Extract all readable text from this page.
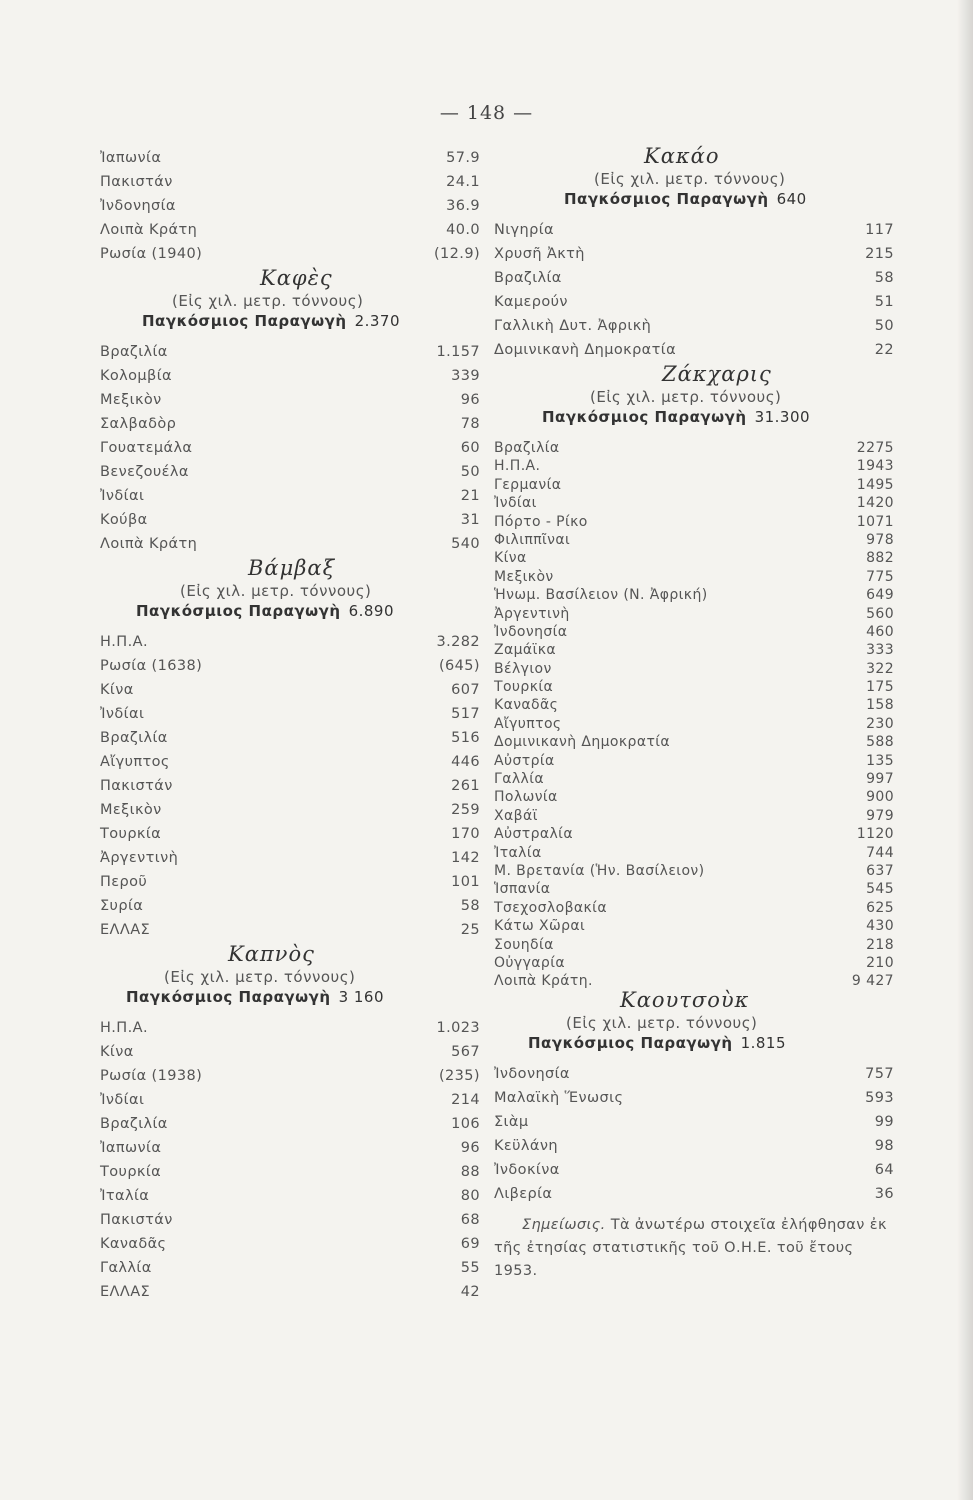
— 148 —
Ἰαπωνία	57.9
Πακιστάν	24.1
Ἰνδονησία	36.9
Λοιπὰ Κράτη	40.0
Ρωσία (1940)	(12.9)
Καφὲς
(Εἰς χιλ. μετρ. τόννους)
Παγκόσμιος Παραγωγὴ 2.370
Βραζιλία	1.157
Κολομβία	339
Μεξικὸν	96
Σαλβαδὸρ	78
Γουατεμάλα	60
Βενεζουέλα	50
Ἰνδίαι	21
Κούβα	31
Λοιπὰ Κράτη	540
Βάμβαξ
(Εἰς χιλ. μετρ. τόννους)
Παγκόσμιος Παραγωγὴ 6.890
Η.Π.Α.	3.282
Ρωσία (1638)	(645)
Κίνα	607
Ἰνδίαι	517
Βραζιλία	516
Αἴγυπτος	446
Πακιστάν	261
Μεξικὸν	259
Τουρκία	170
Ἀργεντινὴ	142
Περοῦ	101
Συρία	58
ΕΛΛΑΣ	25
Καπνὸς
(Εἰς χιλ. μετρ. τόννους)
Παγκόσμιος Παραγωγὴ 3 160
Η.Π.Α.	1.023
Κίνα	567
Ρωσία (1938)	(235)
Ἰνδίαι	214
Βραζιλία	106
Ἰαπωνία	96
Τουρκία	88
Ἰταλία	80
Πακιστάν	68
Καναδᾶς	69
Γαλλία	55
ΕΛΛΑΣ	42
Κακάο
(Εἰς χιλ. μετρ. τόννους)
Παγκόσμιος Παραγωγὴ 640
Νιγηρία	117
Χρυσῆ Ἀκτὴ	215
Βραζιλία	58
Καμερούν	51
Γαλλικὴ Δυτ. Ἀφρικὴ	50
Δομινικανὴ Δημοκρατία	22
Ζάκχαρις
(Εἰς χιλ. μετρ. τόννους)
Παγκόσμιος Παραγωγὴ 31.300
Βραζιλία	2275
Η.Π.Α.	1943
Γερμανία	1495
Ἰνδίαι	1420
Πόρτο - Ρίκο	1071
Φιλιππῖναι	978
Κίνα	882
Μεξικὸν	775
Ἡνωμ. Βασίλειον (Ν. Ἀφρική)	649
Ἀργεντινὴ	560
Ἰνδονησία	460
Ζαμάϊκα	333
Βέλγιον	322
Τουρκία	175
Καναδᾶς	158
Αἴγυπτος	230
Δομινικανὴ Δημοκρατία	588
Αὐστρία	135
Γαλλία	997
Πολωνία	900
Χαβάϊ	979
Αὐστραλία	1120
Ἰταλία	744
Μ. Βρετανία (Ἡν. Βασίλειον)	637
Ἱσπανία	545
Τσεχοσλοβακία	625
Κάτω Χῶραι	430
Σουηδία	218
Οὐγγαρία	210
Λοιπὰ Κράτη.	9 427
Καουτσοὺκ
(Εἰς χιλ. μετρ. τόννους)
Παγκόσμιος Παραγωγὴ 1.815
Ἰνδονησία	757
Μαλαϊκὴ Ἕνωσις	593
Σιὰμ	99
Κεϋλάνη	98
Ἰνδοκίνα	64
Λιβερία	36
Σημείωσις. Τὰ ἀνωτέρω στοιχεῖα ἐλήφθησαν ἐκ τῆς ἐτησίας στατιστικῆς τοῦ Ο.Η.Ε. τοῦ ἔτους 1953.
